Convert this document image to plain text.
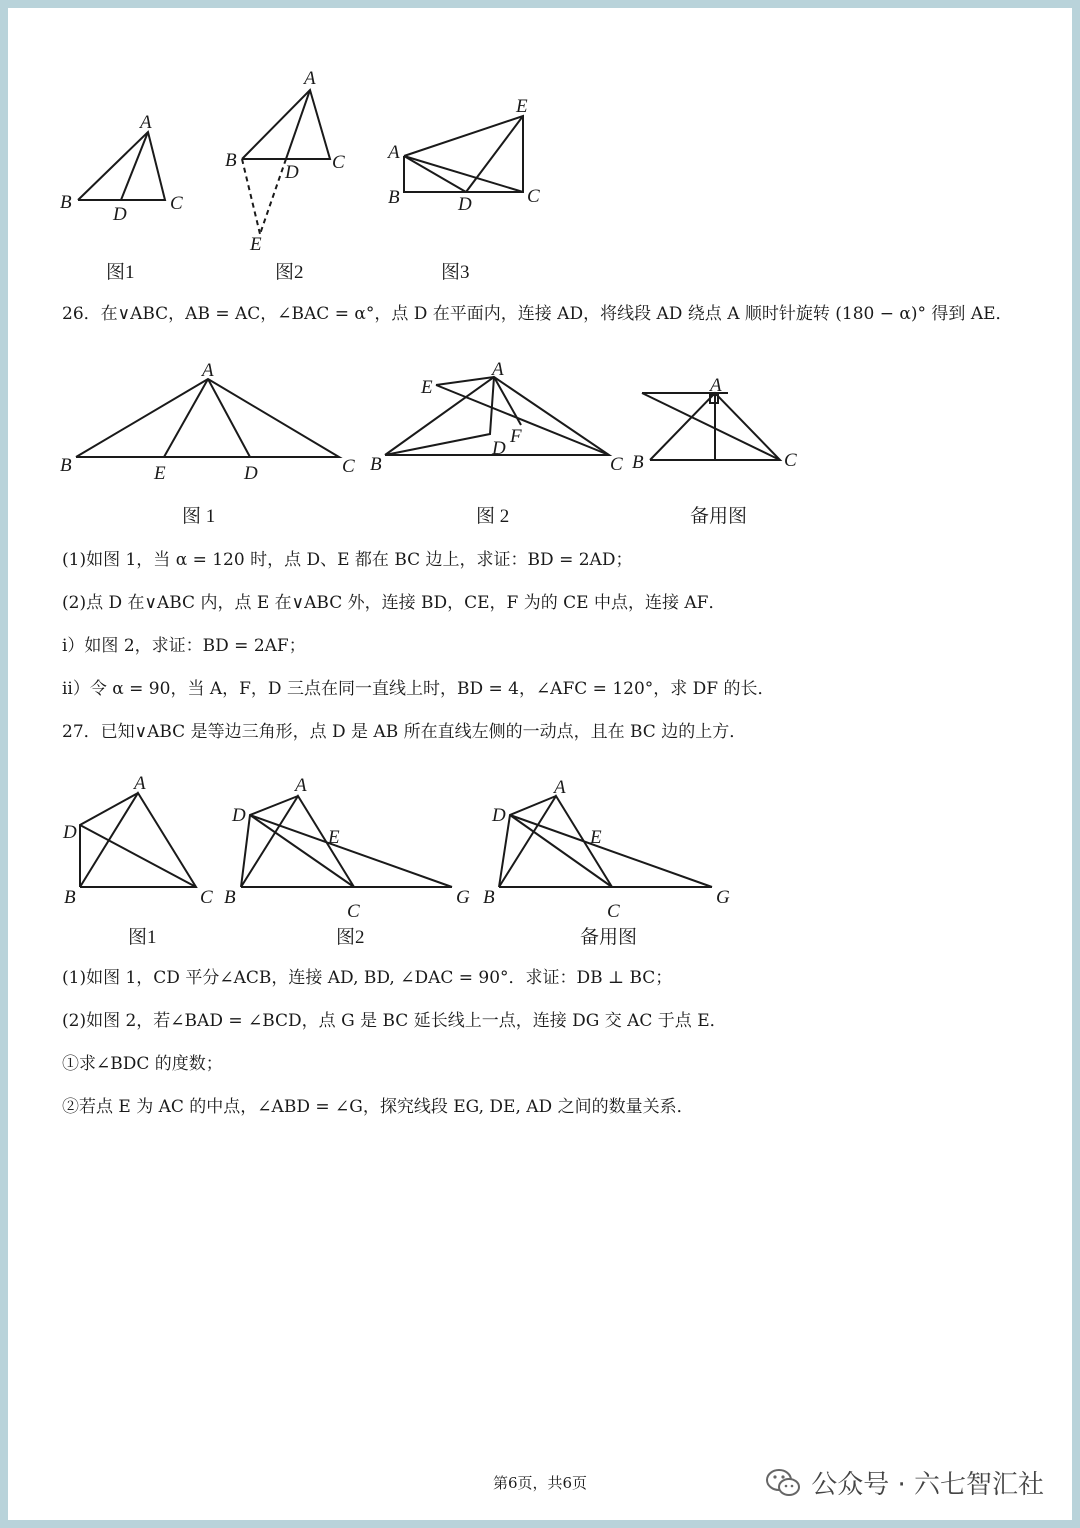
A
B	C
D
图1
A
B	C
D
E
图2
A
B	C
D
E
图3
26．在∨ABC，AB = AC，∠BAC = α°，点 D 在平面内，连接 AD，将线段 AD 绕点 A 顺时针旋转 (180 − α)° 得到 AE．
A
B	C
D
E
图 1
A
B	C
D
E
F
图 2
A
B	C
备用图
(1)如图 1，当 α = 120 时，点 D、E 都在 BC 边上，求证：BD = 2AD；
(2)点 D 在∨ABC 内，点 E 在∨ABC 外，连接 BD，CE，F 为的 CE 中点，连接 AF．
i）如图 2，求证：BD = 2AF；
ii）令 α = 90，当 A，F，D 三点在同一直线上时，BD = 4，∠AFC = 120°，求 DF 的长．
27．已知∨ABC 是等边三角形，点 D 是 AB 所在直线左侧的一动点，且在 BC 边的上方．
A
D
B	C
图1
A
D
E
B
C
G
图2
A
D
E
B
C
G
备用图
(1)如图 1，CD 平分∠ACB，连接 AD, BD, ∠DAC = 90°．求证：DB ⊥ BC；
(2)如图 2，若∠BAD = ∠BCD，点 G 是 BC 延长线上一点，连接 DG 交 AC 于点 E．
①求∠BDC 的度数；
②若点 E 为 AC 的中点，∠ABD = ∠G，探究线段 EG, DE, AD 之间的数量关系．
第6页，共6页	公众号 · 六七智汇社
